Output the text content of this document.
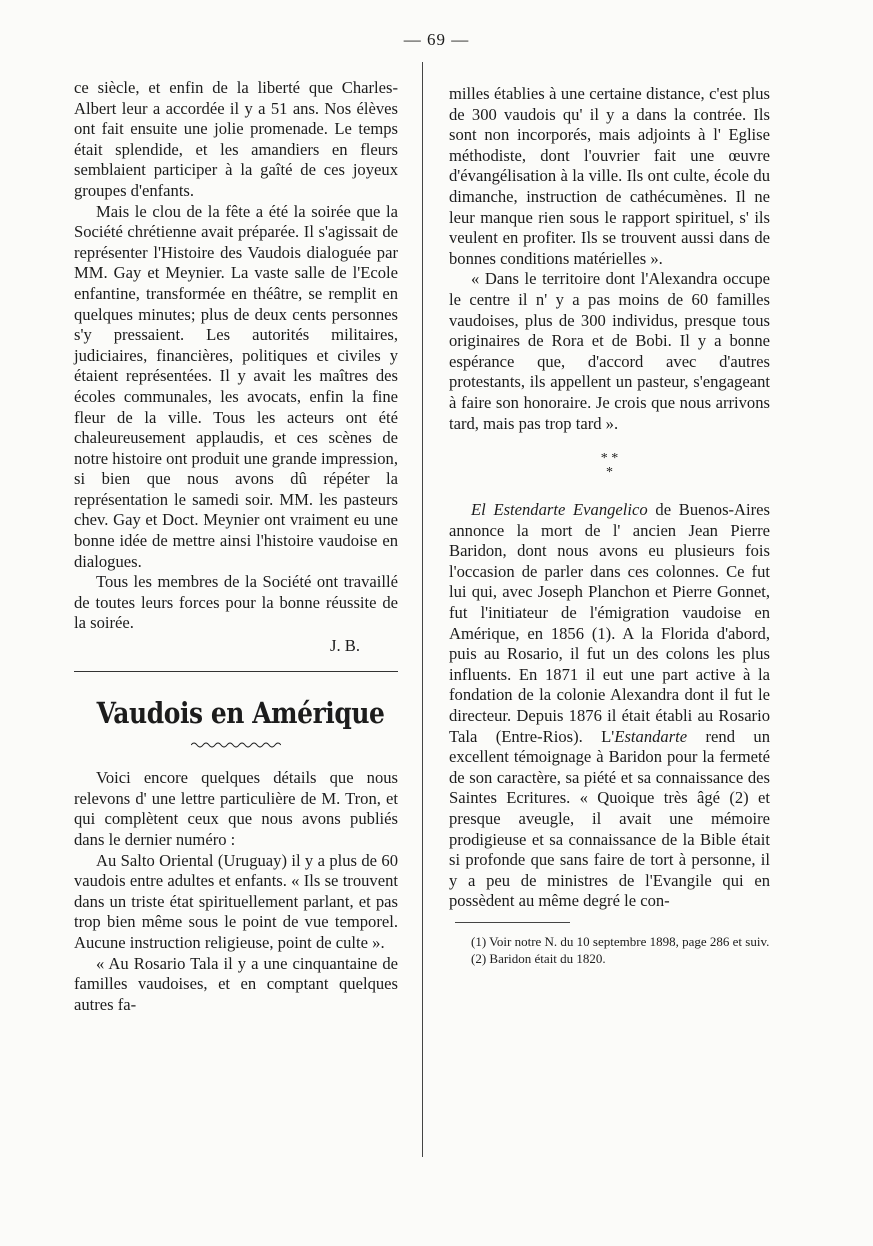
— 69 —

ce siècle, et enfin de la liberté que Charles-Albert leur a accordée il y a 51 ans. Nos élèves ont fait ensuite une jolie promenade. Le temps était splendide, et les amandiers en fleurs semblaient participer à la gaîté de ces joyeux groupes d'enfants.

Mais le clou de la fête a été la soirée que la Société chrétienne avait préparée. Il s'agissait de représenter l'Histoire des Vaudois dialoguée par MM. Gay et Meynier. La vaste salle de l'Ecole enfantine, transformée en théâtre, se remplit en quelques minutes; plus de deux cents personnes s'y pressaient. Les autorités militaires, judiciaires, financières, politiques et civiles y étaient représentées. Il y avait les maîtres des écoles communales, les avocats, enfin la fine fleur de la ville. Tous les acteurs ont été chaleureusement applaudis, et ces scènes de notre histoire ont produit une grande impression, si bien que nous avons dû répéter la représentation le samedi soir. MM. les pasteurs chev. Gay et Doct. Meynier ont vraiment eu une bonne idée de mettre ainsi l'histoire vaudoise en dialogues.

Tous les membres de la Société ont travaillé de toutes leurs forces pour la bonne réussite de la soirée.

J. B.

Vaudois en Amérique

Voici encore quelques détails que nous relevons d' une lettre particulière de M. Tron, et qui complètent ceux que nous avons publiés dans le dernier numéro :

Au Salto Oriental (Uruguay) il y a plus de 60 vaudois entre adultes et enfants. « Ils se trouvent dans un triste état spirituellement parlant, et pas trop bien même sous le point de vue temporel. Aucune instruction religieuse, point de culte ».

« Au Rosario Tala il y a une cinquantaine de familles vaudoises, et en comptant quelques autres fa-

milles établies à une certaine distance, c'est plus de 300 vaudois qu' il y a dans la contrée. Ils sont non incorporés, mais adjoints à l' Eglise méthodiste, dont l'ouvrier fait une œuvre d'évangélisation à la ville. Ils ont culte, école du dimanche, instruction de cathécumènes. Il ne leur manque rien sous le rapport spirituel, s' ils veulent en profiter. Ils se trouvent aussi dans de bonnes conditions matérielles ».

« Dans le territoire dont l'Alexandra occupe le centre il n' y a pas moins de 60 familles vaudoises, plus de 300 individus, presque tous originaires de Rora et de Bobi. Il y a bonne espérance que, d'accord avec d'autres protestants, ils appellent un pasteur, s'engageant à faire son honoraire. Je crois que nous arrivons tard, mais pas trop tard ».

* *
*

El Estendarte Evangelico de Buenos-Aires annonce la mort de l' ancien Jean Pierre Baridon, dont nous avons eu plusieurs fois l'occasion de parler dans ces colonnes. Ce fut lui qui, avec Joseph Planchon et Pierre Gonnet, fut l'initiateur de l'émigration vaudoise en Amérique, en 1856 (1). A la Florida d'abord, puis au Rosario, il fut un des colons les plus influents. En 1871 il eut une part active à la fondation de la colonie Alexandra dont il fut le directeur. Depuis 1876 il était établi au Rosario Tala (Entre-Rios). L'Estandarte rend un excellent témoignage à Baridon pour la fermeté de son caractère, sa piété et sa connaissance des Saintes Ecritures. « Quoique très âgé (2) et presque aveugle, il avait une mémoire prodigieuse et sa connaissance de la Bible était si profonde que sans faire de tort à personne, il y a peu de ministres de l'Evangile qui en possèdent au même degré le con-

(1) Voir notre N. du 10 septembre 1898, page 286 et suiv.

(2) Baridon était du 1820.
